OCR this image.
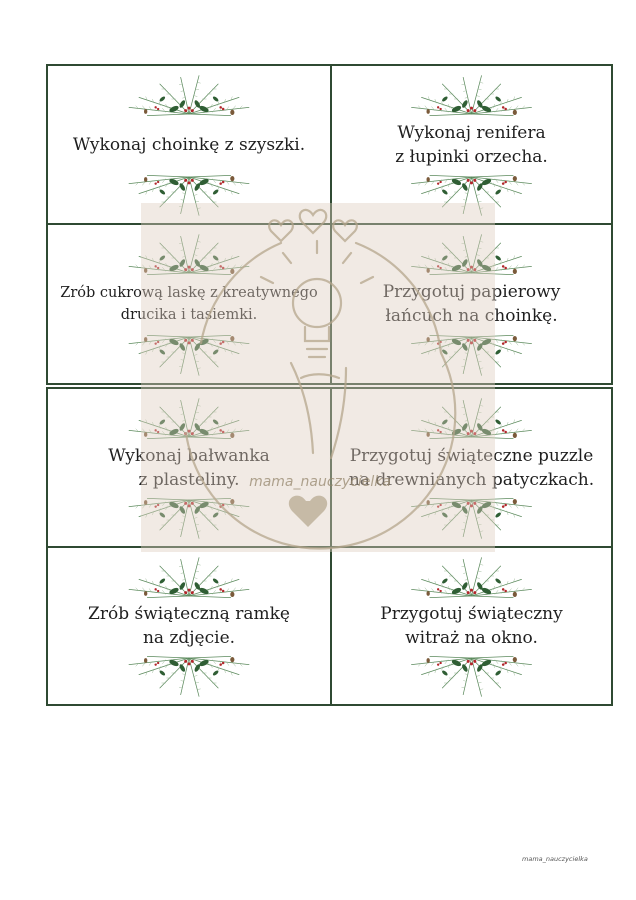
Wykonaj choinkę z szyszki.
Wykonaj renifera
z łupinki orzecha.
Zrób cukrową laskę z kreatywnego
drucika i tasiemki.
Przygotuj papierowy
łańcuch na choinkę.
Wykonaj bałwanka
z plasteliny.
Przygotuj świąteczne puzzle
na drewnianych patyczkach.
Zrób świąteczną ramkę
na zdjęcie.
Przygotuj świąteczny
witraż na okno.
mama_nauczycielka
mama_nauczycielka
